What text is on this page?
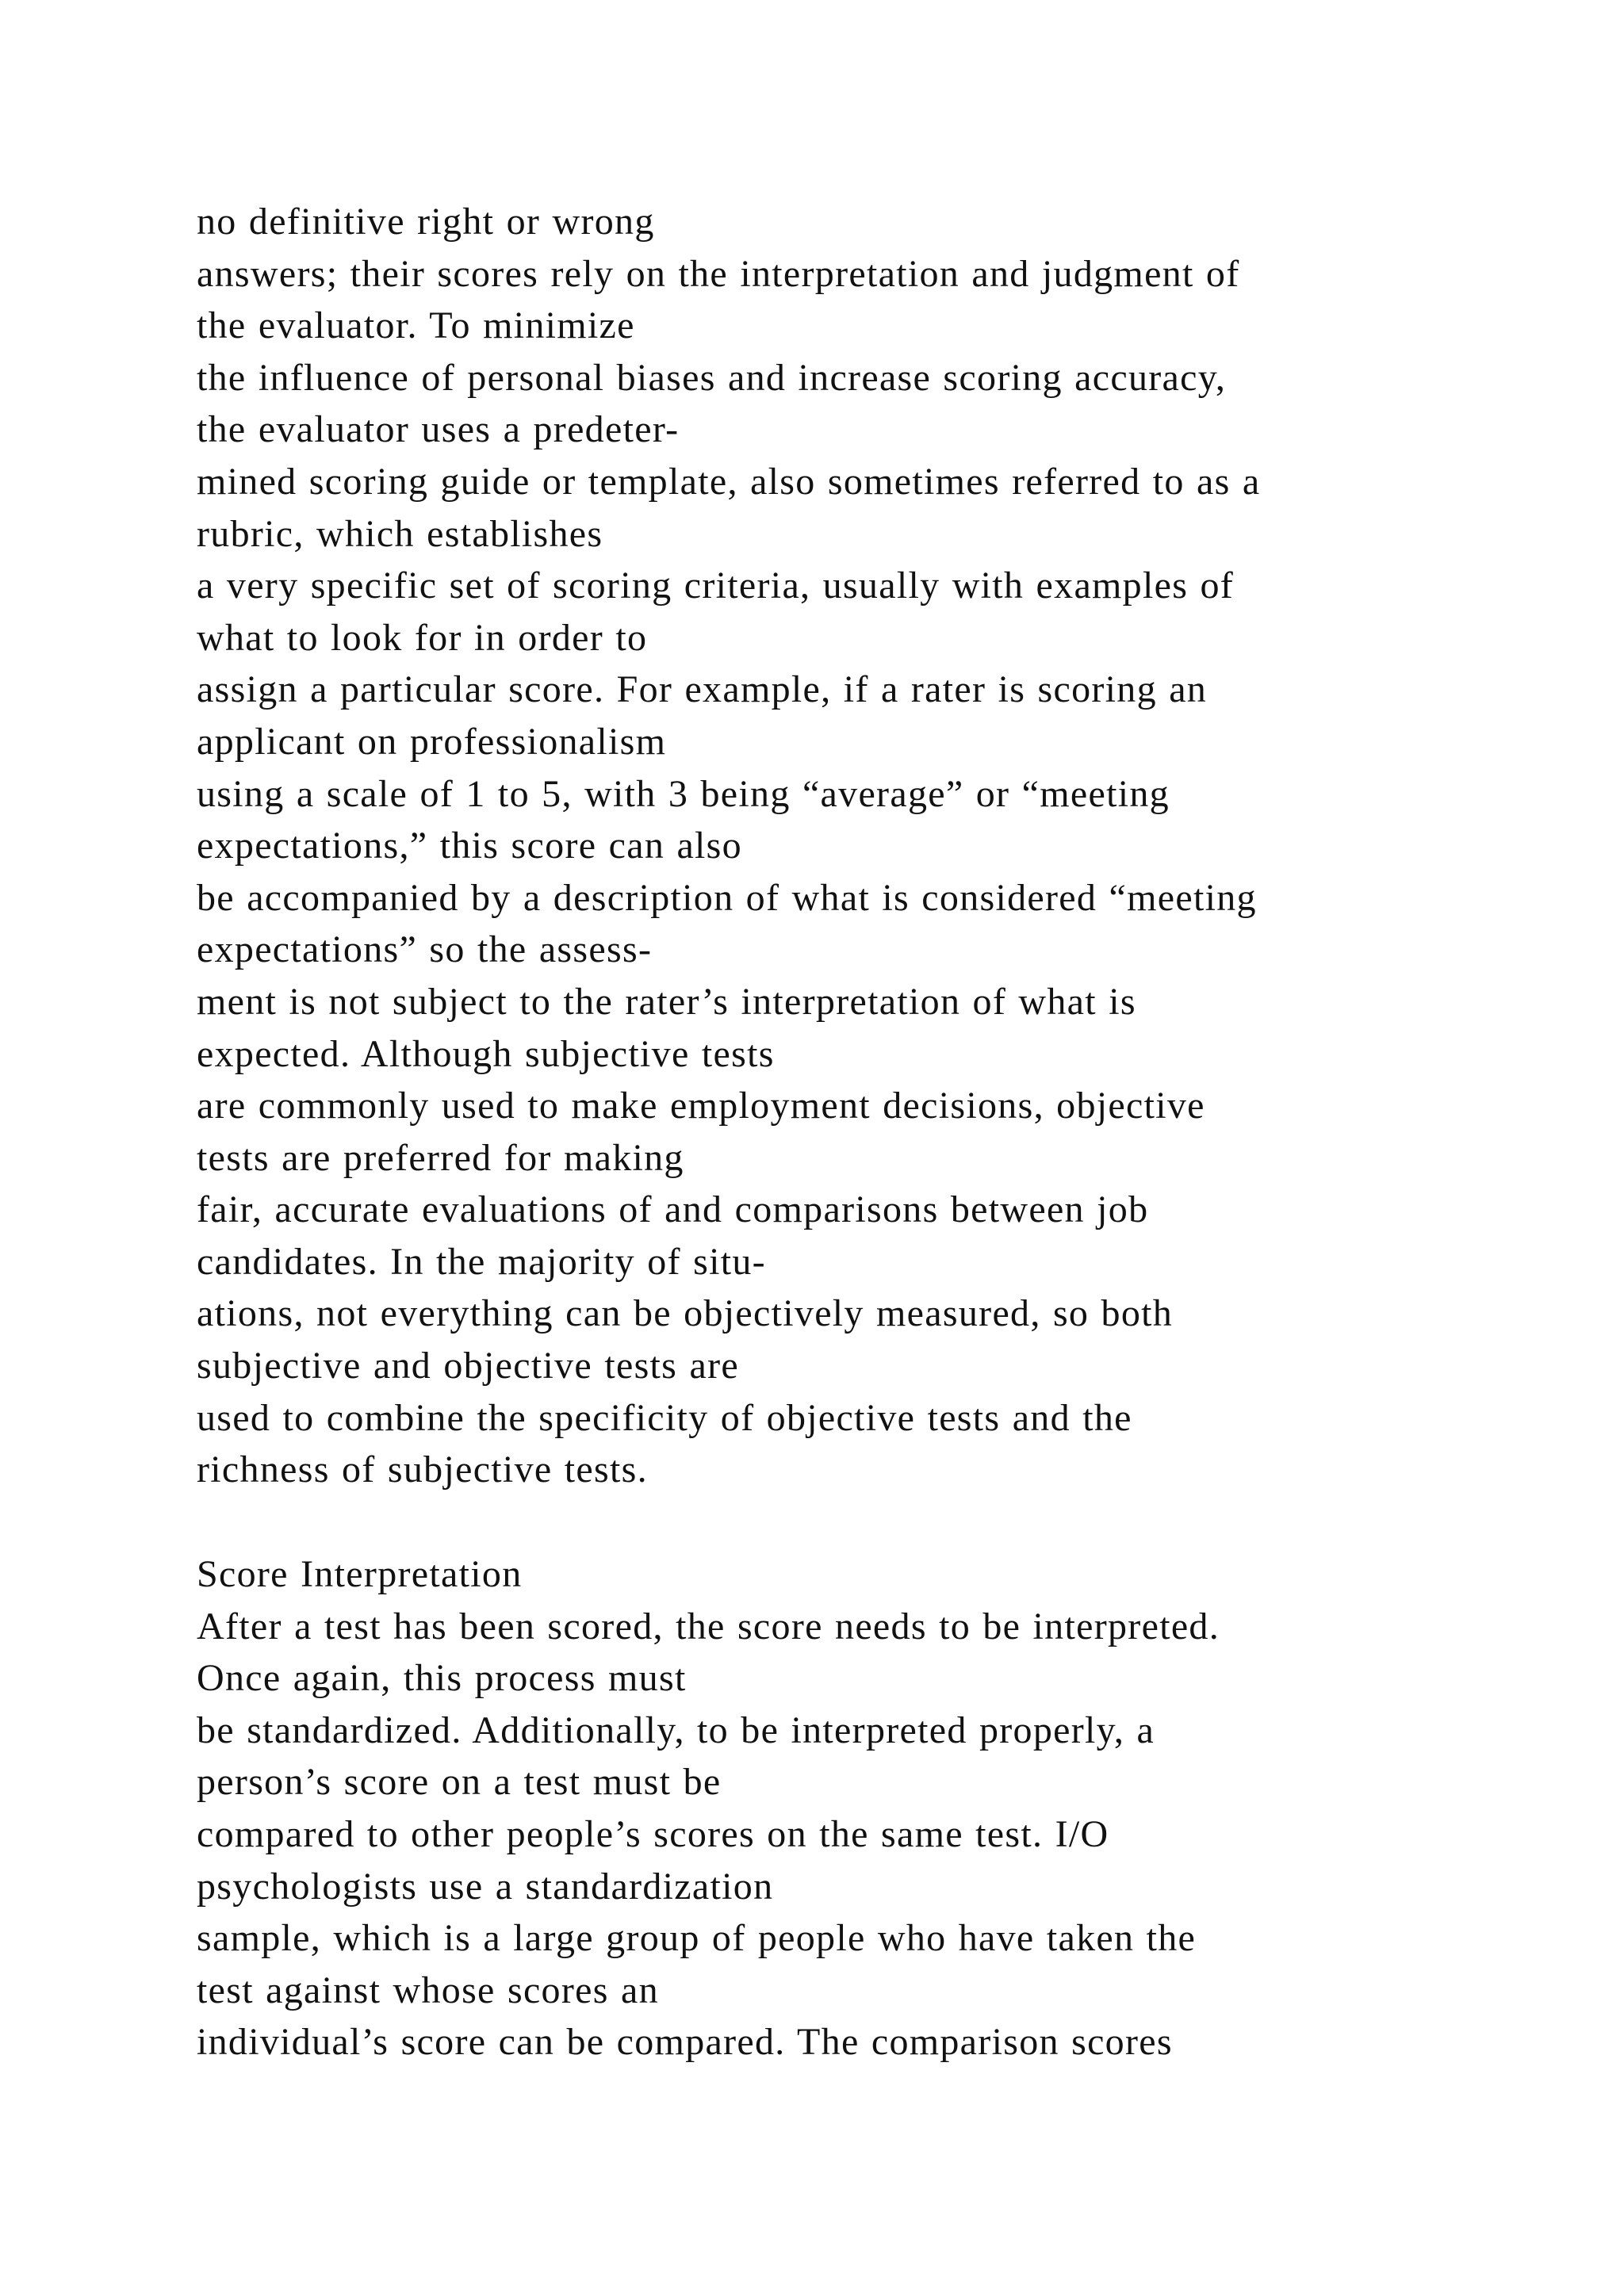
no definitive right or wrong
answers; their scores rely on the interpretation and judgment of
the evaluator. To minimize
the influence of personal biases and increase scoring accuracy,
the evaluator uses a predeter-
mined scoring guide or template, also sometimes referred to as a
rubric, which establishes
a very specific set of scoring criteria, usually with examples of
what to look for in order to
assign a particular score. For example, if a rater is scoring an
applicant on professionalism
using a scale of 1 to 5, with 3 being “average” or “meeting
expectations,” this score can also
be accompanied by a description of what is considered “meeting
expectations” so the assess-
ment is not subject to the rater’s interpretation of what is
expected. Although subjective tests
are commonly used to make employment decisions, objective
tests are preferred for making
fair, accurate evaluations of and comparisons between job
candidates. In the majority of situ-
ations, not everything can be objectively measured, so both
subjective and objective tests are
used to combine the specificity of objective tests and the
richness of subjective tests.
Score Interpretation
After a test has been scored, the score needs to be interpreted.
Once again, this process must
be standardized. Additionally, to be interpreted properly, a
person’s score on a test must be
compared to other people’s scores on the same test. I/O
psychologists use a standardization
sample, which is a large group of people who have taken the
test against whose scores an
individual’s score can be compared. The comparison scores
